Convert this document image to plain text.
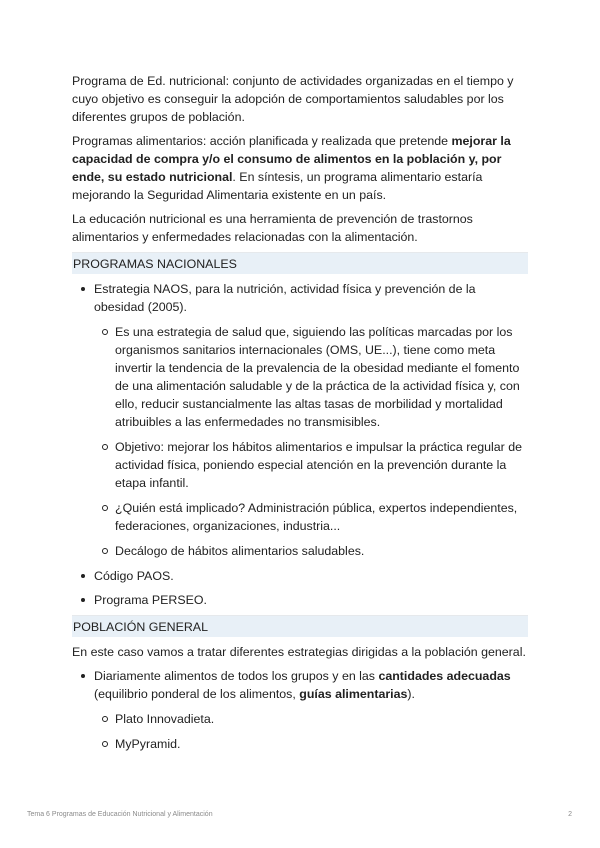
Programa de Ed. nutricional: conjunto de actividades organizadas en el tiempo y cuyo objetivo es conseguir la adopción de comportamientos saludables por los diferentes grupos de población.

Programas alimentarios: acción planificada y realizada que pretende mejorar la capacidad de compra y/o el consumo de alimentos en la población y, por ende, su estado nutricional. En síntesis, un programa alimentario estaría mejorando la Seguridad Alimentaria existente en un país.

La educación nutricional es una herramienta de prevención de trastornos alimentarios y enfermedades relacionadas con la alimentación.

PROGRAMAS NACIONALES
Estrategia NAOS, para la nutrición, actividad física y prevención de la obesidad (2005).
Es una estrategia de salud que, siguiendo las políticas marcadas por los organismos sanitarios internacionales (OMS, UE...), tiene como meta invertir la tendencia de la prevalencia de la obesidad mediante el fomento de una alimentación saludable y de la práctica de la actividad física y, con ello, reducir sustancialmente las altas tasas de morbilidad y mortalidad atribuibles a las enfermedades no transmisibles.
Objetivo: mejorar los hábitos alimentarios e impulsar la práctica regular de actividad física, poniendo especial atención en la prevención durante la etapa infantil.
¿Quién está implicado? Administración pública, expertos independientes, federaciones, organizaciones, industria...
Decálogo de hábitos alimentarios saludables.
Código PAOS.
Programa PERSEO.
POBLACIÓN GENERAL

En este caso vamos a tratar diferentes estrategias dirigidas a la población general.

Diariamente alimentos de todos los grupos y en las cantidades adecuadas (equilibrio ponderal de los alimentos, guías alimentarias).
Plato Innovadieta.
MyPyramid.
Tema 6 Programas de Educación Nutricional y Alimentación	2
